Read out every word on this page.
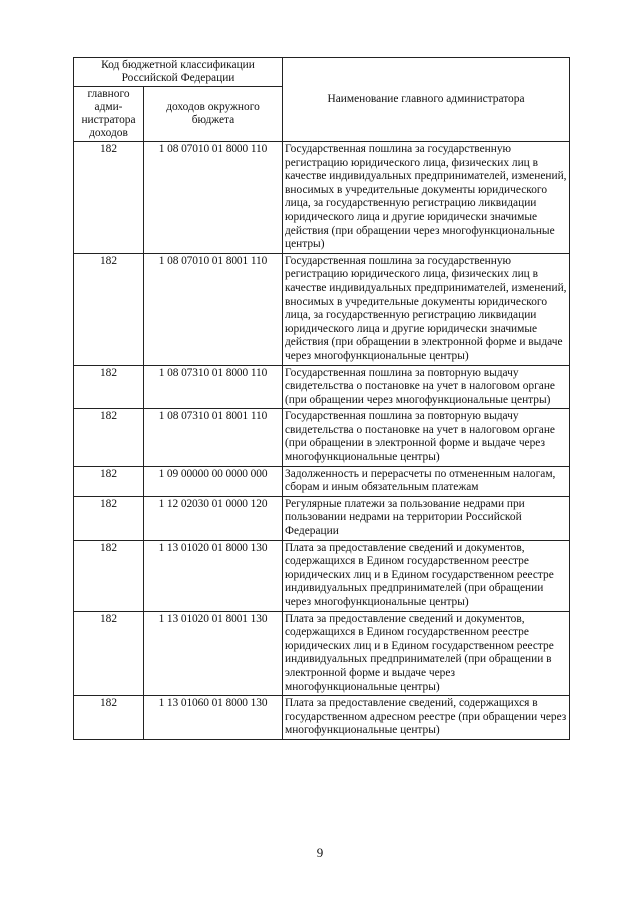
Код бюджетной классификации Российской Федерации		Наименование главного администратора
главного адми-нистратора доходов	доходов окружного бюджета	
182	1 08 07010 01 8000 110	Государственная пошлина за государственную регистрацию юридического лица, физических лиц в качестве индивидуальных предпринимателей, изменений, вносимых в учредительные документы юридического лица, за государственную регистрацию ликвидации юридического лица и другие юридически значимые действия (при обращении через многофункциональные центры)
182	1 08 07010 01 8001 110	Государственная пошлина за государственную регистрацию юридического лица, физических лиц в качестве индивидуальных предпринимателей, изменений, вносимых в учредительные документы юридического лица, за государственную регистрацию ликвидации юридического лица и другие юридически значимые действия (при обращении в электронной форме и выдаче через многофункциональные центры)
182	1 08 07310 01 8000 110	Государственная пошлина за повторную выдачу свидетельства о постановке на учет в налоговом органе (при обращении через многофункциональные центры)
182	1 08 07310 01 8001 110	Государственная пошлина за повторную выдачу свидетельства о постановке на учет в налоговом органе (при обращении в электронной форме и выдаче через многофункциональные центры)
182	1 09 00000 00 0000 000	Задолженность и перерасчеты по отмененным налогам, сборам и иным обязательным платежам
182	1 12 02030 01 0000 120	Регулярные платежи за пользование недрами при пользовании недрами на территории Российской Федерации
182	1 13 01020 01 8000 130	Плата за предоставление сведений и документов, содержащихся в Едином государственном реестре юридических лиц и в Едином государственном реестре индивидуальных предпринимателей (при обращении через многофункциональные центры)
182	1 13 01020 01 8001 130	Плата за предоставление сведений и документов, содержащихся в Едином государственном реестре юридических лиц и в Едином государственном реестре индивидуальных предпринимателей (при обращении в электронной форме и выдаче через многофункциональные центры)
182	1 13 01060 01 8000 130	Плата за предоставление сведений, содержащихся в государственном адресном реестре (при обращении через многофункциональные центры)
9
